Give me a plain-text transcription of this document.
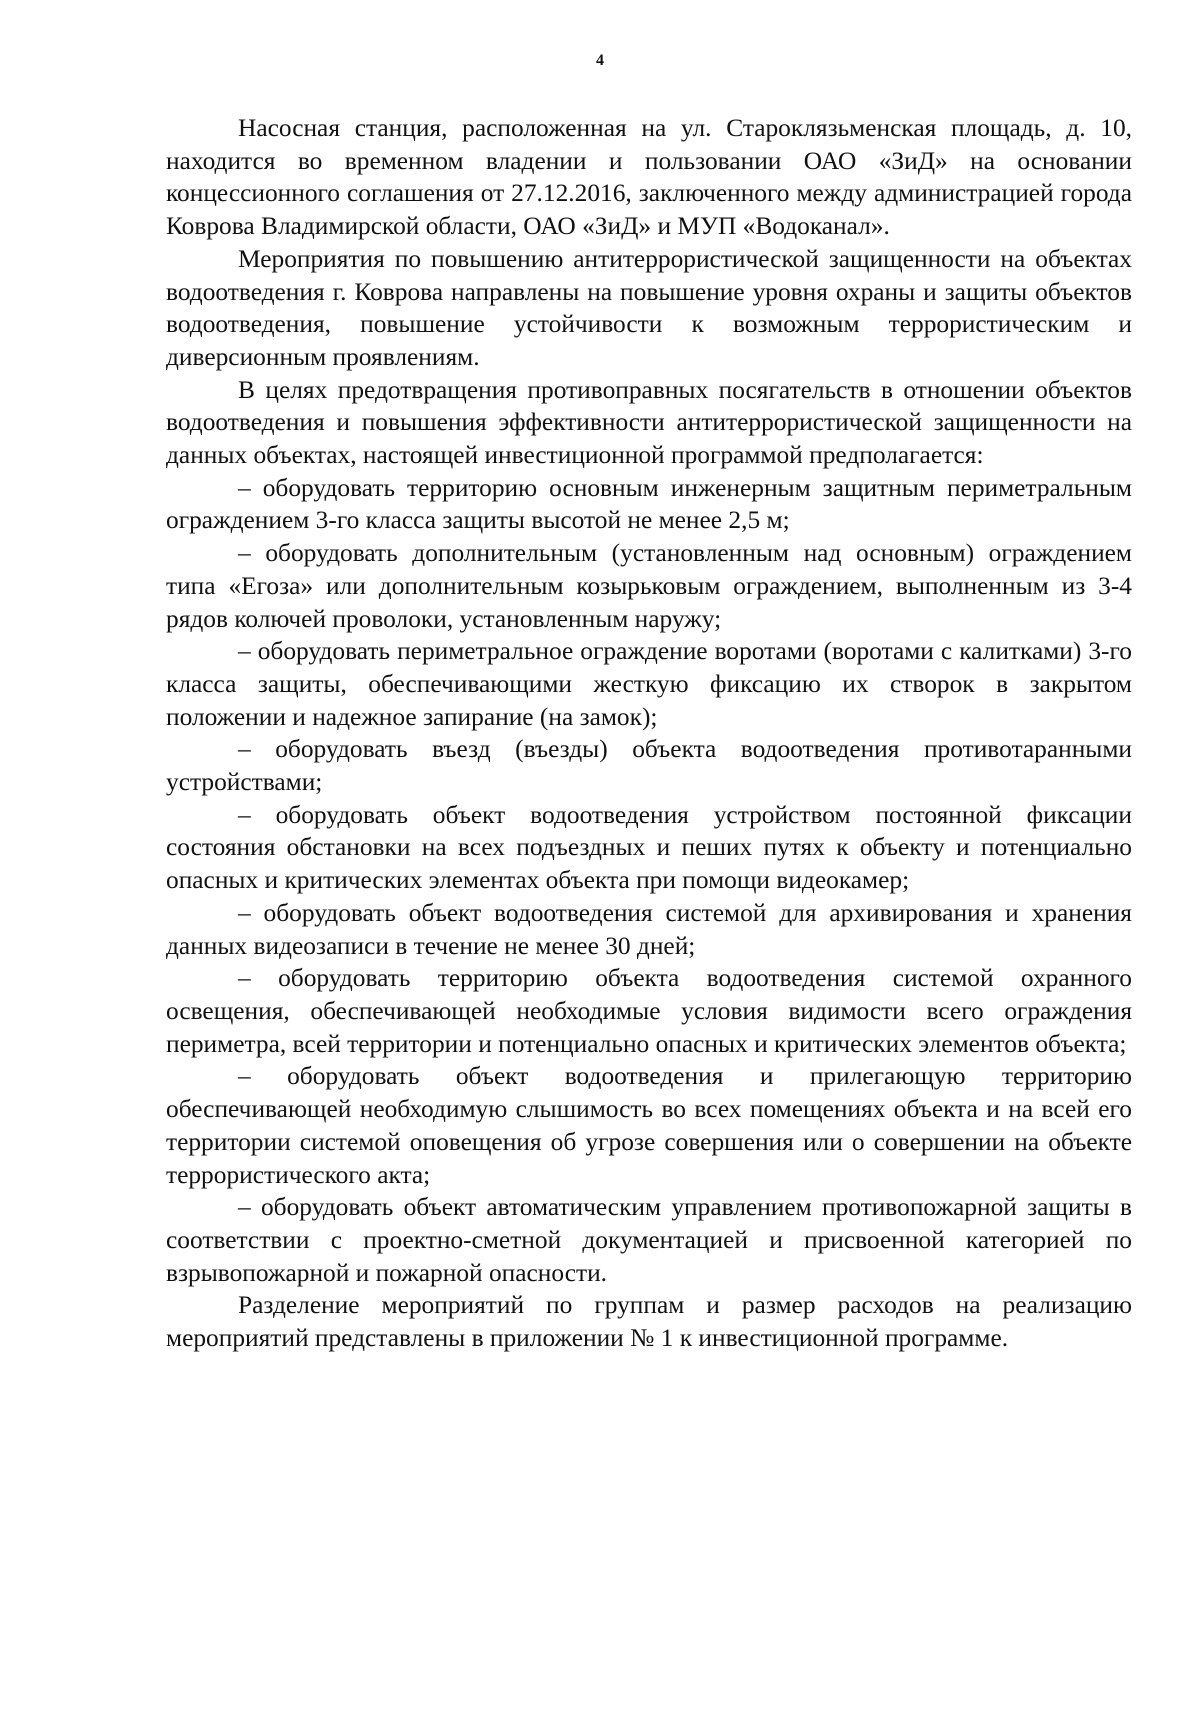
4

Насосная станция, расположенная на ул. Староклязьменская площадь, д. 10, находится во временном владении и пользовании ОАО «ЗиД» на основании концессионного соглашения от 27.12.2016, заключенного между администрацией города Коврова Владимирской области, ОАО «ЗиД» и МУП «Водоканал».

Мероприятия по повышению антитеррористической защищенности на объектах водоотведения г. Коврова направлены на повышение уровня охраны и защиты объектов водоотведения, повышение устойчивости к возможным террористическим и диверсионным проявлениям.

В целях предотвращения противоправных посягательств в отношении объектов водоотведения и повышения эффективности антитеррористической защищенности на данных объектах, настоящей инвестиционной программой предполагается:

– оборудовать территорию основным инженерным защитным периметральным ограждением 3-го класса защиты высотой не менее 2,5 м;

– оборудовать дополнительным (установленным над основным) ограждением типа «Егоза» или дополнительным козырьковым ограждением, выполненным из 3-4 рядов колючей проволоки, установленным наружу;

– оборудовать периметральное ограждение воротами (воротами с калитками) 3-го класса защиты, обеспечивающими жесткую фиксацию их створок в закрытом положении и надежное запирание (на замок);

– оборудовать въезд (въезды) объекта водоотведения противотаранными устройствами;

– оборудовать объект водоотведения устройством постоянной фиксации состояния обстановки на всех подъездных и пеших путях к объекту и потенциально опасных и критических элементах объекта при помощи видеокамер;

– оборудовать объект водоотведения системой для архивирования и хранения данных видеозаписи в течение не менее 30 дней;

– оборудовать территорию объекта водоотведения системой охранного освещения, обеспечивающей необходимые условия видимости всего ограждения периметра, всей территории и потенциально опасных и критических элементов объекта;

– оборудовать объект водоотведения и прилегающую территорию обеспечивающей необходимую слышимость во всех помещениях объекта и на всей его территории системой оповещения об угрозе совершения или о совершении на объекте террористического акта;

– оборудовать объект автоматическим управлением противопожарной защиты в соответствии с проектно-сметной документацией и присвоенной категорией по взрывопожарной и пожарной опасности.

Разделение мероприятий по группам и размер расходов на реализацию мероприятий представлены в приложении № 1 к инвестиционной программе.
